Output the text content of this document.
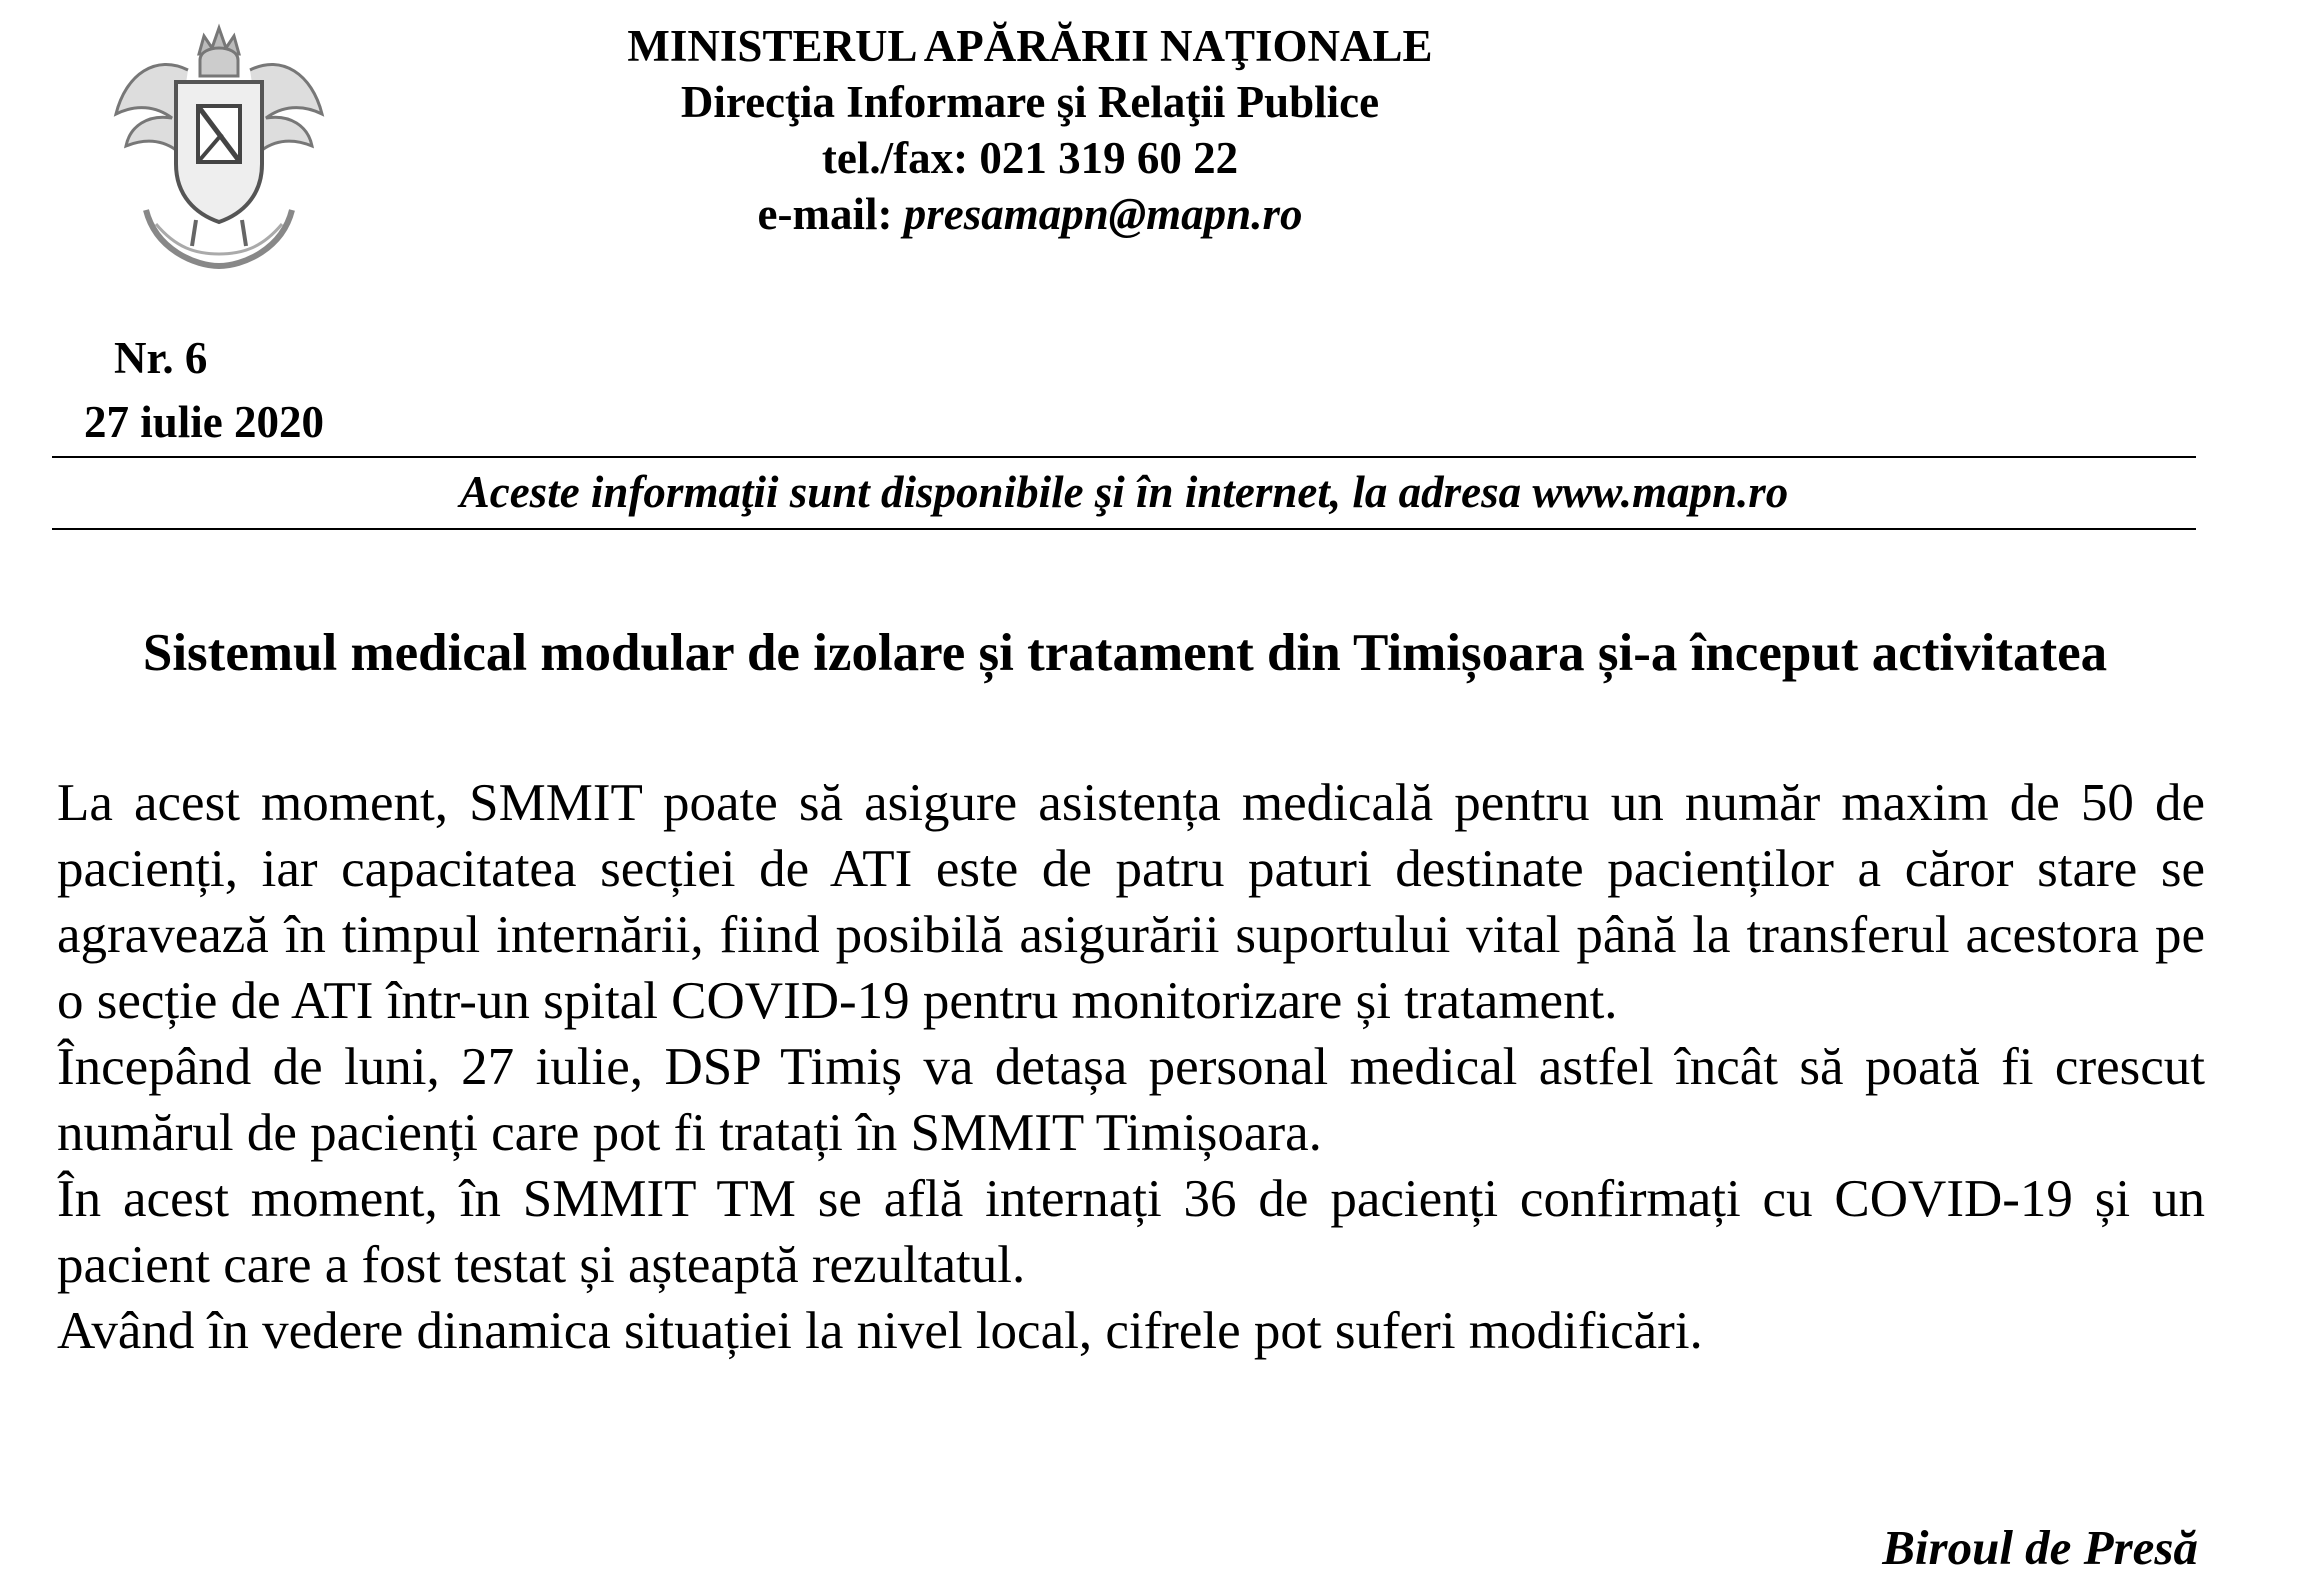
MINISTERUL APĂRĂRII NAŢIONALE
Direcţia Informare şi Relaţii Publice
tel./fax: 021 319 60 22
e-mail: presamapn@mapn.ro
Nr. 6
27 iulie 2020
Aceste informaţii sunt disponibile şi în internet, la adresa www.mapn.ro
Sistemul medical modular de izolare și tratament din Timișoara și-a început activitatea

La acest moment, SMMIT poate să asigure asistența medicală pentru un număr maxim de 50 de pacienți, iar capacitatea secției de ATI este de patru paturi destinate pacienților a căror stare se agravează în timpul internării, fiind posibilă asigurării suportului vital până la transferul acestora pe o secție de ATI într-un spital COVID-19 pentru monitorizare și tratament.

Începând de luni, 27 iulie, DSP Timiș va detașa personal medical astfel încât să poată fi crescut numărul de pacienți care pot fi tratați în SMMIT Timișoara.

În acest moment, în SMMIT TM se află internați 36 de pacienți confirmați cu COVID-19 și un pacient care a fost testat și așteaptă rezultatul.

Având în vedere dinamica situației la nivel local, cifrele pot suferi modificări.

Biroul de Presă
